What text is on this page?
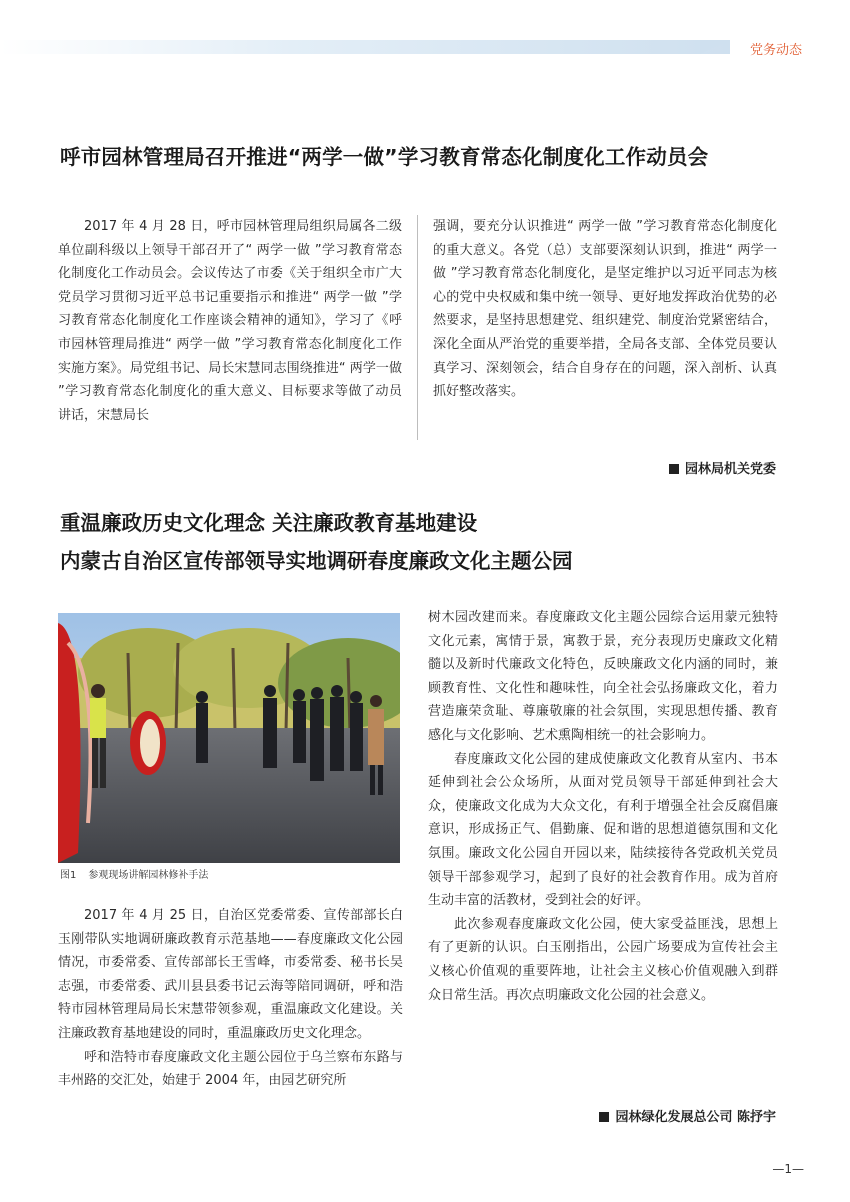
党务动态
呼市园林管理局召开推进“两学一做”学习教育常态化制度化工作动员会

2017 年 4 月 28 日，呼市园林管理局组织局属各二级单位副科级以上领导干部召开了“ 两学一做 ”学习教育常态化制度化工作动员会。会议传达了市委《关于组织全市广大党员学习贯彻习近平总书记重要指示和推进“ 两学一做 ”学习教育常态化制度化工作座谈会精神的通知》，学习了《呼市园林管理局推进“ 两学一做 ”学习教育常态化制度化工作实施方案》。局党组书记、局长宋慧同志围绕推进“ 两学一做 ”学习教育常态化制度化的重大意义、目标要求等做了动员讲话，宋慧局长

强调，要充分认识推进“ 两学一做 ”学习教育常态化制度化的重大意义。各党（总）支部要深刻认识到，推进“ 两学一做 ”学习教育常态化制度化，是坚定维护以习近平同志为核心的党中央权威和集中统一领导、更好地发挥政治优势的必然要求，是坚持思想建党、组织建党、制度治党紧密结合，深化全面从严治党的重要举措，全局各支部、全体党员要认真学习、深刻领会，结合自身存在的问题，深入剖析、认真抓好整改落实。

园林局机关党委
重温廉政历史文化理念 关注廉政教育基地建设
内蒙古自治区宣传部领导实地调研春度廉政文化主题公园
图1 参观现场讲解园林修补手法

2017 年 4 月 25 日，自治区党委常委、宣传部部长白玉刚带队实地调研廉政教育示范基地——春度廉政文化公园情况，市委常委、宣传部部长王雪峰，市委常委、秘书长吴志强，市委常委、武川县县委书记云海等陪同调研，呼和浩特市园林管理局局长宋慧带领参观，重温廉政文化建设。关注廉政教育基地建设的同时，重温廉政历史文化理念。

呼和浩特市春度廉政文化主题公园位于乌兰察布东路与丰州路的交汇处，始建于 2004 年，由园艺研究所

树木园改建而来。春度廉政文化主题公园综合运用蒙元独特文化元素，寓情于景，寓教于景，充分表现历史廉政文化精髓以及新时代廉政文化特色，反映廉政文化内涵的同时，兼顾教育性、文化性和趣味性，向全社会弘扬廉政文化，着力营造廉荣贪耻、尊廉敬廉的社会氛围，实现思想传播、教育感化与文化影响、艺术熏陶相统一的社会影响力。

春度廉政文化公园的建成使廉政文化教育从室内、书本延伸到社会公众场所，从面对党员领导干部延伸到社会大众，使廉政文化成为大众文化，有利于增强全社会反腐倡廉意识，形成扬正气、倡勤廉、促和谐的思想道德氛围和文化氛围。廉政文化公园自开园以来，陆续接待各党政机关党员领导干部参观学习，起到了良好的社会教育作用。成为首府生动丰富的活教材，受到社会的好评。

此次参观春度廉政文化公园，使大家受益匪浅，思想上有了更新的认识。白玉刚指出，公园广场要成为宣传社会主义核心价值观的重要阵地，让社会主义核心价值观融入到群众日常生活。再次点明廉政文化公园的社会意义。

园林绿化发展总公司 陈抒宇
—1—
